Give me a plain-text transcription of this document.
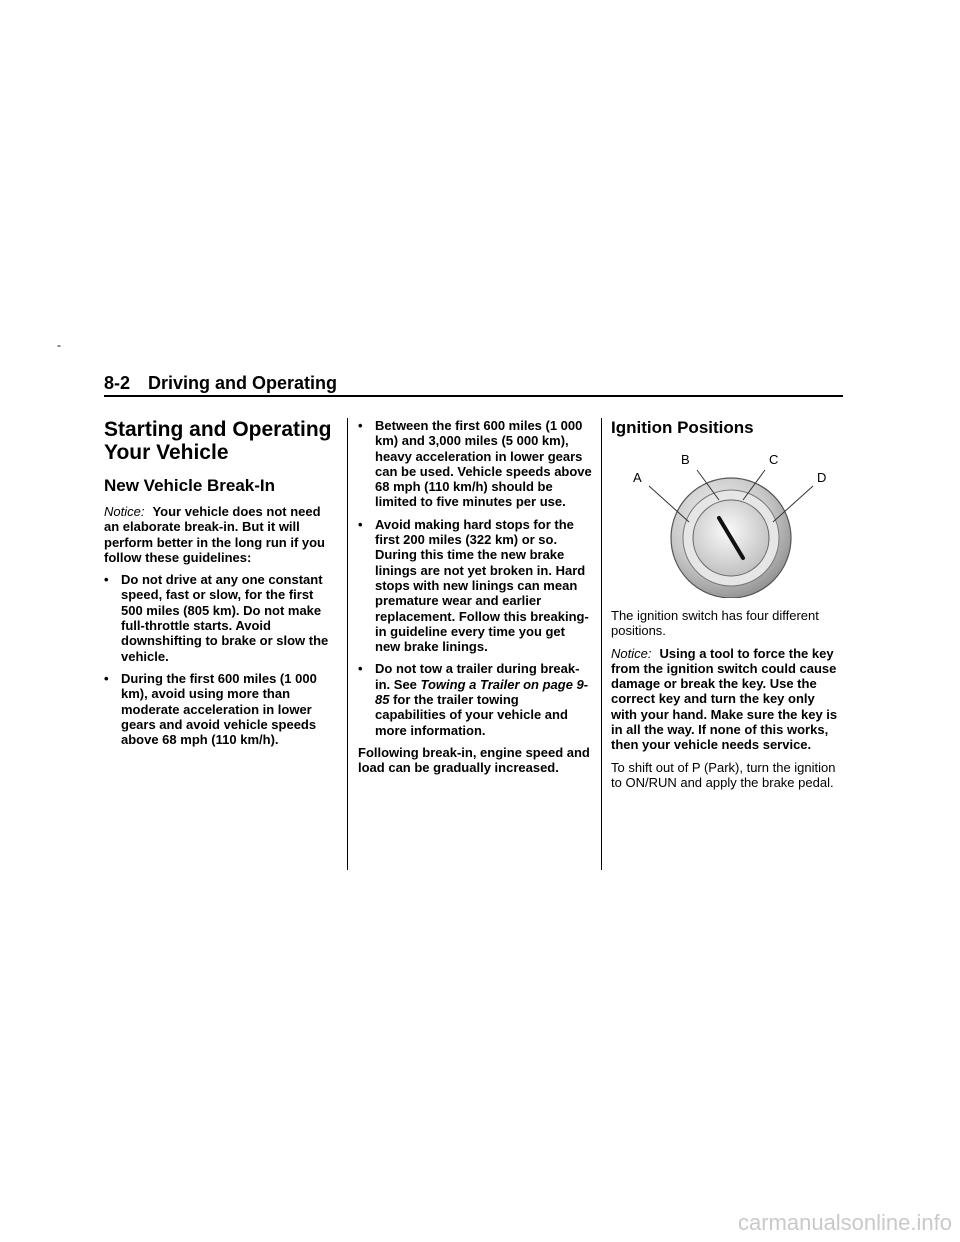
-
8-2 Driving and Operating
Starting and Operating Your Vehicle
New Vehicle Break-In

Notice: Your vehicle does not need an elaborate break-in. But it will perform better in the long run if you follow these guidelines:

• Do not drive at any one constant speed, fast or slow, for the first 500 miles (805 km). Do not make full-throttle starts. Avoid downshifting to brake or slow the vehicle.
• During the first 600 miles (1 000 km), avoid using more than moderate acceleration in lower gears and avoid vehicle speeds above 68 mph (110 km/h).
• Between the first 600 miles (1 000 km) and 3,000 miles (5 000 km), heavy acceleration in lower gears can be used. Vehicle speeds above 68 mph (110 km/h) should be limited to five minutes per use.
• Avoid making hard stops for the first 200 miles (322 km) or so. During this time the new brake linings are not yet broken in. Hard stops with new linings can mean premature wear and earlier replacement. Follow this breaking-in guideline every time you get new brake linings.
• Do not tow a trailer during break-in. See Towing a Trailer on page 9-85 for the trailer towing capabilities of your vehicle and more information.

Following break-in, engine speed and load can be gradually increased.

Ignition Positions
A
B	C
D

The ignition switch has four different positions.

Notice: Using a tool to force the key from the ignition switch could cause damage or break the key. Use the correct key and turn the key only with your hand. Make sure the key is in all the way. If none of this works, then your vehicle needs service.

To shift out of P (Park), turn the ignition to ON/RUN and apply the brake pedal.

carmanualsonline.info
